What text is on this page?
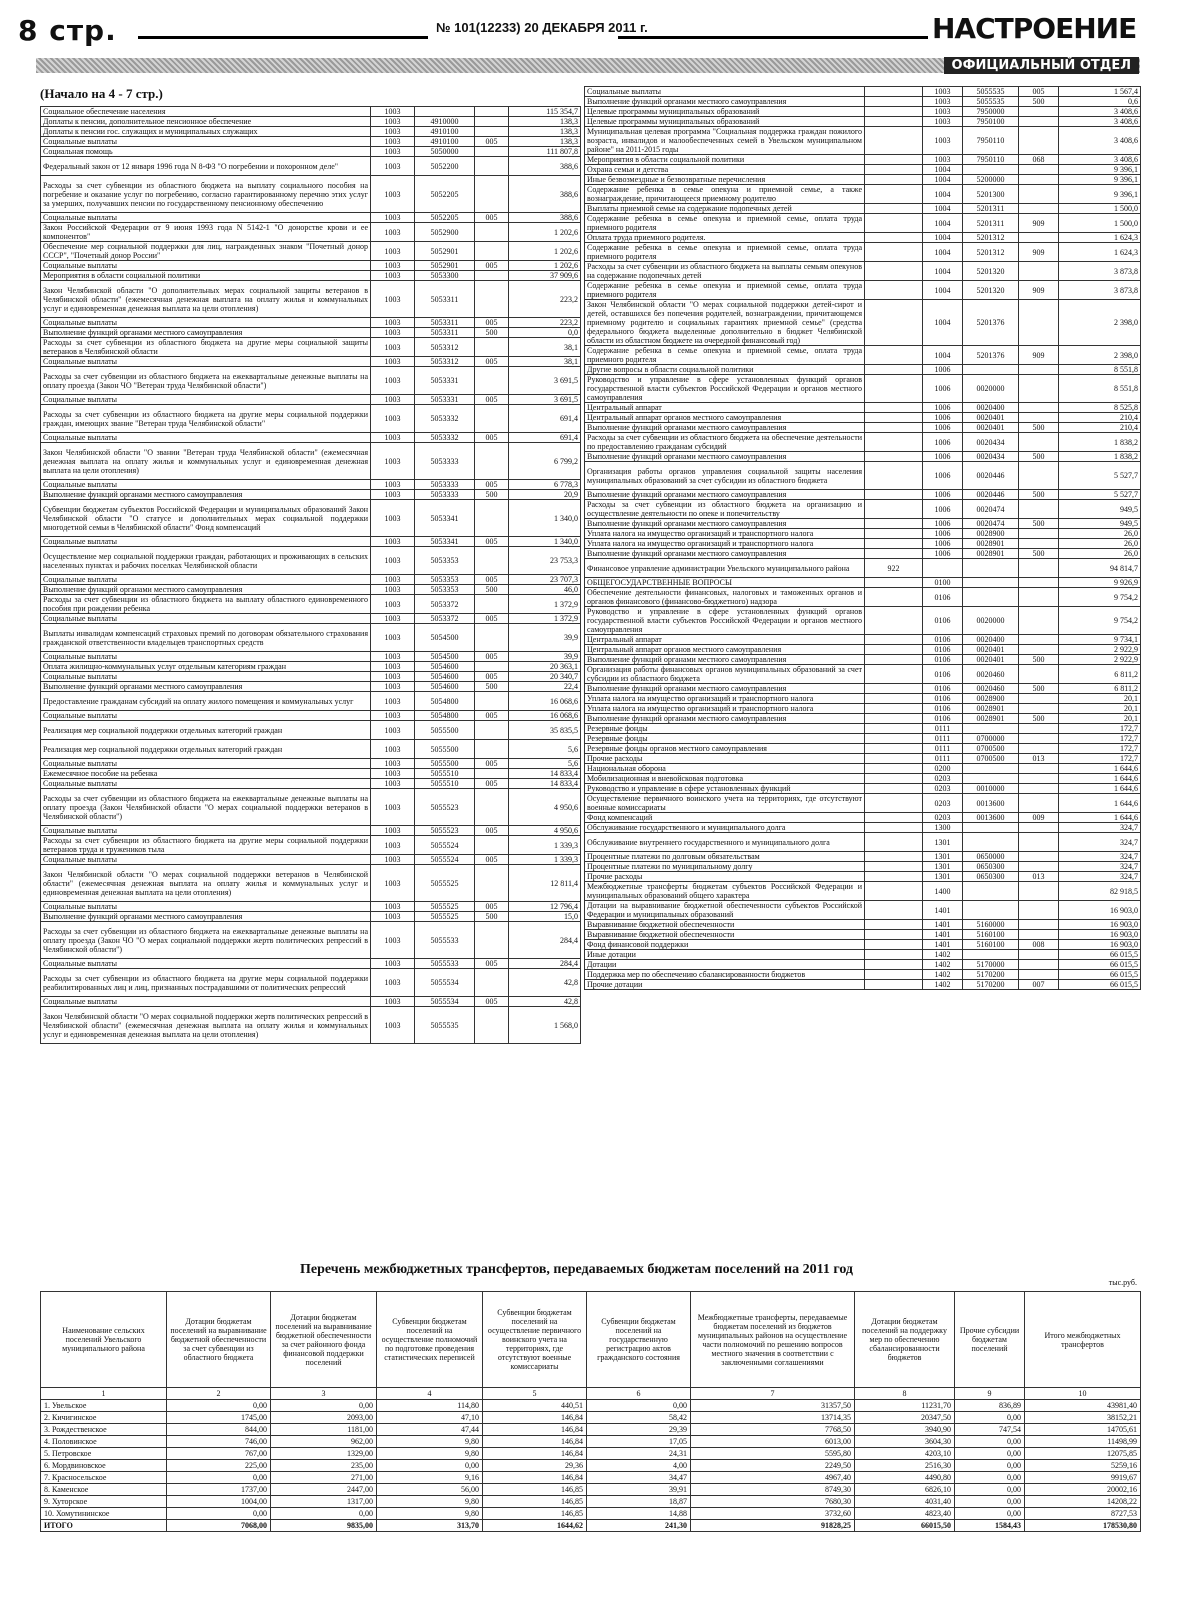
8 стр.	№ 101(12233) 20 ДЕКАБРЯ 2011 г.	НАСТРОЕНИЕ
ОФИЦИАЛЬНЫЙ ОТДЕЛ
(Начало на 4 - 7 стр.)
Социальное обеспечение населения		1003			115 354,7
Доплаты к пенсии, дополнительное пенсионное обеспечение		1003	4910000		138,3
Доплаты к пенсии гос. служащих и муниципальных служащих		1003	4910100		138,3
Социальные выплаты		1003	4910100	005	138,3
Социальная помощь		1003	5050000		111 807,8
Федеральный закон от 12 января 1996 года N 8-ФЗ "О погребении и похоронном деле"		1003	5052200		388,6
Расходы за счет субвенции из областного бюджета на выплату социального пособия на погребение и оказание услуг по погребению, согласно гарантированному перечню этих услуг за умерших, получавших пенсии по государственному пенсионному обеспечению		1003	5052205		388,6
Социальные выплаты		1003	5052205	005	388,6
Закон Российской Федерации от 9 июня 1993 года N 5142-1 "О донорстве крови и ее компонентов"		1003	5052900		1 202,6
Обеспечение мер социальной поддержки для лиц, награжденных знаком "Почетный донор СССР", "Почетный донор России"		1003	5052901		1 202,6
Социальные выплаты		1003	5052901	005	1 202,6
Мероприятия в области социальной политики		1003	5053300		37 909,6
Закон Челябинской области "О дополнительных мерах социальной защиты ветеранов в Челябинской области" (ежемесячная денежная выплата на оплату жилья и коммунальных услуг и единовременная денежная выплата на цели отопления)		1003	5053311		223,2
Социальные выплаты		1003	5053311	005	223,2
Выполнение функций органами местного самоуправления		1003	5053311	500	0,0
Расходы за счет субвенции из областного бюджета на другие меры социальной защиты ветеранов в Челябинской области		1003	5053312		38,1
Социальные выплаты		1003	5053312	005	38,1
Расходы за счет субвенции из областного бюджета на ежеквартальные денежные выплаты на оплату проезда (Закон ЧО "Ветеран труда Челябинской области")		1003	5053331		3 691,5
Социальные выплаты		1003	5053331	005	3 691,5
Расходы за счет субвенции из областного бюджета на другие меры социальной поддержки граждан, имеющих звание "Ветеран труда Челябинской области"		1003	5053332		691,4
Социальные выплаты		1003	5053332	005	691,4
Закон Челябинской области "О звании "Ветеран труда Челябинской области" (ежемесячная денежная выплата на оплату жилья и коммунальных услуг и единовременная денежная выплата на цели отопления)		1003	5053333		6 799,2
Социальные выплаты		1003	5053333	005	6 778,3
Выполнение функций органами местного самоуправления		1003	5053333	500	20,9
Субвенции бюджетам субъектов Российской Федерации и муниципальных образований Закон Челябинской области "О статусе и дополнительных мерах социальной поддержки многодетной семьи в Челябинской области" Фонд компенсаций		1003	5053341		1 340,0
Социальные выплаты		1003	5053341	005	1 340,0
Осуществление мер социальной поддержки граждан, работающих и проживающих в сельских населенных пунктах и рабочих поселках Челябинской области		1003	5053353		23 753,3
Социальные выплаты		1003	5053353	005	23 707,3
Выполнение функций органами местного самоуправления		1003	5053353	500	46,0
Расходы за счет субвенции из областного бюджета на выплату областного единовременного пособия при рождении ребенка		1003	5053372		1 372,9
Социальные выплаты		1003	5053372	005	1 372,9
Выплаты инвалидам компенсаций страховых премий по договорам обязательного страхования гражданской ответственности владельцев транспортных средств		1003	5054500		39,9
Социальные выплаты		1003	5054500	005	39,9
Оплата жилищно-коммунальных услуг отдельным категориям граждан		1003	5054600		20 363,1
Социальные выплаты		1003	5054600	005	20 340,7
Выполнение функций органами местного самоуправления		1003	5054600	500	22,4
Предоставление гражданам субсидий на оплату жилого помещения и коммунальных услуг		1003	5054800		16 068,6
Социальные выплаты		1003	5054800	005	16 068,6
Реализация мер социальной поддержки отдельных категорий граждан		1003	5055500		35 835,5
Реализация мер социальной поддержки отдельных категорий граждан		1003	5055500		5,6
Социальные выплаты		1003	5055500	005	5,6
Ежемесячное пособие на ребенка		1003	5055510		14 833,4
Социальные выплаты		1003	5055510	005	14 833,4
Расходы за счет субвенции из областного бюджета на ежеквартальные денежные выплаты на оплату проезда (Закон Челябинской области "О мерах социальной поддержки ветеранов в Челябинской области")		1003	5055523		4 950,6
Социальные выплаты		1003	5055523	005	4 950,6
Расходы за счет субвенции из областного бюджета на другие меры социальной поддержки ветеранов труда и тружеников тыла		1003	5055524		1 339,3
Социальные выплаты		1003	5055524	005	1 339,3
Закон Челябинской области "О мерах социальной поддержки ветеранов в Челябинской области" (ежемесячная денежная выплата на оплату жилья и коммунальных услуг и единовременная денежная выплата на цели отопления)		1003	5055525		12 811,4
Социальные выплаты		1003	5055525	005	12 796,4
Выполнение функций органами местного самоуправления		1003	5055525	500	15,0
Расходы за счет субвенции из областного бюджета на ежеквартальные денежные выплаты на оплату проезда (Закон ЧО "О мерах социальной поддержки жертв политических репрессий в Челябинской области")		1003	5055533		284,4
Социальные выплаты		1003	5055533	005	284,4
Расходы за счет субвенции из областного бюджета на другие меры социальной поддержки реабилитированных лиц и лиц, признанных пострадавшими от политических репрессий		1003	5055534		42,8
Социальные выплаты		1003	5055534	005	42,8
Закон Челябинской области "О мерах социальной поддержки жертв политических репрессий в Челябинской области" (ежемесячная денежная выплата на оплату жилья и коммунальных услуг и единовременная денежная выплата на цели отопления)		1003	5055535		1 568,0
Социальные выплаты		1003	5055535	005	1 567,4
Выполнение функций органами местного самоуправления		1003	5055535	500	0,6
Целевые программы муниципальных образований		1003	7950000		3 408,6
Целевые программы муниципальных образований		1003	7950100		3 408,6
Муниципальная целевая программа "Социальная поддержка граждан пожилого возраста, инвалидов и малообеспеченных семей в Увельском муниципальном районе" на 2011-2015 годы		1003	7950110		3 408,6
Мероприятия в области социальной политики		1003	7950110	068	3 408,6
Охрана семьи и детства		1004			9 396,1
Иные безвозмездные и безвозвратные перечисления		1004	5200000		9 396,1
Содержание ребенка в семье опекуна и приемной семье, а также вознаграждение, причитающееся приемному родителю		1004	5201300		9 396,1
Выплаты приемной семье на содержание подопечных детей		1004	5201311		1 500,0
Содержание ребенка в семье опекуна и приемной семье, оплата труда приемного родителя		1004	5201311	909	1 500,0
Оплата труда приемного родителя.		1004	5201312		1 624,3
Содержание ребенка в семье опекуна и приемной семье, оплата труда приемного родителя		1004	5201312	909	1 624,3
Расходы за счет субвенции из областного бюджета на выплаты семьям опекунов на содержание подопечных детей		1004	5201320		3 873,8
Содержание ребенка в семье опекуна и приемной семье, оплата труда приемного родителя		1004	5201320	909	3 873,8
Закон Челябинской области "О мерах социальной поддержки детей-сирот и детей, оставшихся без попечения родителей, вознаграждении, причитающемся приемному родителю и социальных гарантиях приемной семье" (средства федерального бюджета выделенные дополнительно в бюджет Челябинской области из областном бюджете на очередной финансовый год)		1004	5201376		2 398,0
Содержание ребенка в семье опекуна и приемной семье, оплата труда приемного родителя		1004	5201376	909	2 398,0
Другие вопросы в области социальной политики		1006			8 551,8
Руководство и управление в сфере установленных функций органов государственной власти субъектов Российской Федерации и органов местного самоуправления		1006	0020000		8 551,8
Центральный аппарат		1006	0020400		8 525,8
Центральный аппарат органов местного самоуправления		1006	0020401		210,4
Выполнение функций органами местного самоуправления		1006	0020401	500	210,4
Расходы за счет субвенции из областного бюджета на обеспечение деятельности по предоставлению гражданам субсидий		1006	0020434		1 838,2
Выполнение функций органами местного самоуправления		1006	0020434	500	1 838,2
Организация работы органов управления социальной защиты населения муниципальных образований за счет субсидии из областного бюджета		1006	0020446		5 527,7
Выполнение функций органами местного самоуправления		1006	0020446	500	5 527,7
Расходы за счет субвенции из областного бюджета на организацию и осуществление деятельности по опеке и попечительству		1006	0020474		949,5
Выполнение функций органами местного самоуправления		1006	0020474	500	949,5
Уплата налога на имущество организаций и транспортного налога		1006	0028900		26,0
Уплата налога на имущество организаций и транспортного налога		1006	0028901		26,0
Выполнение функций органами местного самоуправления		1006	0028901	500	26,0
Финансовое управление администрации Увельского муниципального района	922				94 814,7
ОБЩЕГОСУДАРСТВЕННЫЕ ВОПРОСЫ		0100			9 926,9
Обеспечение деятельности финансовых, налоговых и таможенных органов и органов финансового (финансово-бюджетного) надзора		0106			9 754,2
Руководство и управление в сфере установленных функций органов государственной власти субъектов Российской Федерации и органов местного самоуправления		0106	0020000		9 754,2
Центральный аппарат		0106	0020400		9 734,1
Центральный аппарат органов местного самоуправления		0106	0020401		2 922,9
Выполнение функций органами местного самоуправления		0106	0020401	500	2 922,9
Организация работы финансовых органов муниципальных образований за счет субсидии из областного бюджета		0106	0020460		6 811,2
Выполнение функций органами местного самоуправления		0106	0020460	500	6 811,2
Уплата налога на имущество организаций и транспортного налога		0106	0028900		20,1
Уплата налога на имущество организаций и транспортного налога		0106	0028901		20,1
Выполнение функций органами местного самоуправления		0106	0028901	500	20,1
Резервные фонды		0111			172,7
Резервные фонды		0111	0700000		172,7
Резервные фонды органов местного самоуправления		0111	0700500		172,7
Прочие расходы		0111	0700500	013	172,7
Национальная оборона		0200			1 644,6
Мобилизационная и вневойсковая подготовка		0203			1 644,6
Руководство и управление в сфере установленных функций		0203	0010000		1 644,6
Осуществление первичного воинского учета на территориях, где отсутствуют военные комиссариаты		0203	0013600		1 644,6
Фонд компенсаций		0203	0013600	009	1 644,6
Обслуживание государственного и муниципального долга		1300			324,7
Обслуживание внутреннего государственного и муниципального долга		1301			324,7
Процентные платежи по долговым обязательствам		1301	0650000		324,7
Процентные платежи по муниципальному долгу		1301	0650300		324,7
Прочие расходы		1301	0650300	013	324,7
Межбюджетные трансферты бюджетам субъектов Российской Федерации и муниципальных образований общего характера		1400			82 918,5
Дотации на выравнивание бюджетной обеспеченности субъектов Российской Федерации и муниципальных образований		1401			16 903,0
Выравнивание бюджетной обеспеченности		1401	5160000		16 903,0
Выравнивание бюджетной обеспеченности		1401	5160100		16 903,0
Фонд финансовой поддержки		1401	5160100	008	16 903,0
Иные дотации		1402			66 015,5
Дотации		1402	5170000		66 015,5
Поддержка мер по обеспечению сбалансированности бюджетов		1402	5170200		66 015,5
Прочие дотации		1402	5170200	007	66 015,5
Перечень межбюджетных трансфертов, передаваемых бюджетам поселений на 2011 год
тыс.руб.
Наименование сельских поселений Увельского муниципального района	Дотации бюджетам поселений на выравнивание бюджетной обеспеченности за счет субвенции из областного бюджета	Дотации бюджетам поселений на выравнивание бюджетной обеспеченности за счет районного фонда финансовой поддержки поселений	Субвенции бюджетам поселений на осуществление полномочий по подготовке проведения статистических переписей	Субвенции бюджетам поселений на осуществление первичного воинского учета на территориях, где отсутствуют военные комиссариаты	Субвенции бюджетам поселений на государственную регистрацию актов гражданского состояния	Межбюджетные трансферты, передаваемые бюджетам поселений из бюджетов муниципальных районов на осуществление части полномочий по решению вопросов местного значения в соответствии с заключенными соглашениями	Дотации бюджетам поселений на поддержку мер по обеспечению сбалансированности бюджетов	Прочие субсидии бюджетам поселений	Итого межбюджетных трансфертов
1	2	3	4	5	6	7	8	9	10
1. Увельское	0,00	0,00	114,80	440,51	0,00	31357,50	11231,70	836,89	43981,40
2. Кичигинское	1745,00	2093,00	47,10	146,84	58,42	13714,35	20347,50	0,00	38152,21
3. Рождественское	844,00	1181,00	47,44	146,84	29,39	7768,50	3940,90	747,54	14705,61
4. Половинское	746,00	962,00	9,80	146,84	17,05	6013,00	3604,30	0,00	11498,99
5. Петровское	767,00	1329,00	9,80	146,84	24,31	5595,80	4203,10	0,00	12075,85
6. Мордвиновское	225,00	235,00	0,00	29,36	4,00	2249,50	2516,30	0,00	5259,16
7. Красносельское	0,00	271,00	9,16	146,84	34,47	4967,40	4490,80	0,00	9919,67
8. Каменское	1737,00	2447,00	56,00	146,85	39,91	8749,30	6826,10	0,00	20002,16
9. Хуторское	1004,00	1317,00	9,80	146,85	18,87	7680,30	4031,40	0,00	14208,22
10. Хомутининское	0,00	0,00	9,80	146,85	14,88	3732,60	4823,40	0,00	8727,53
ИТОГО	7068,00	9835,00	313,70	1644,62	241,30	91828,25	66015,50	1584,43	178530,80
